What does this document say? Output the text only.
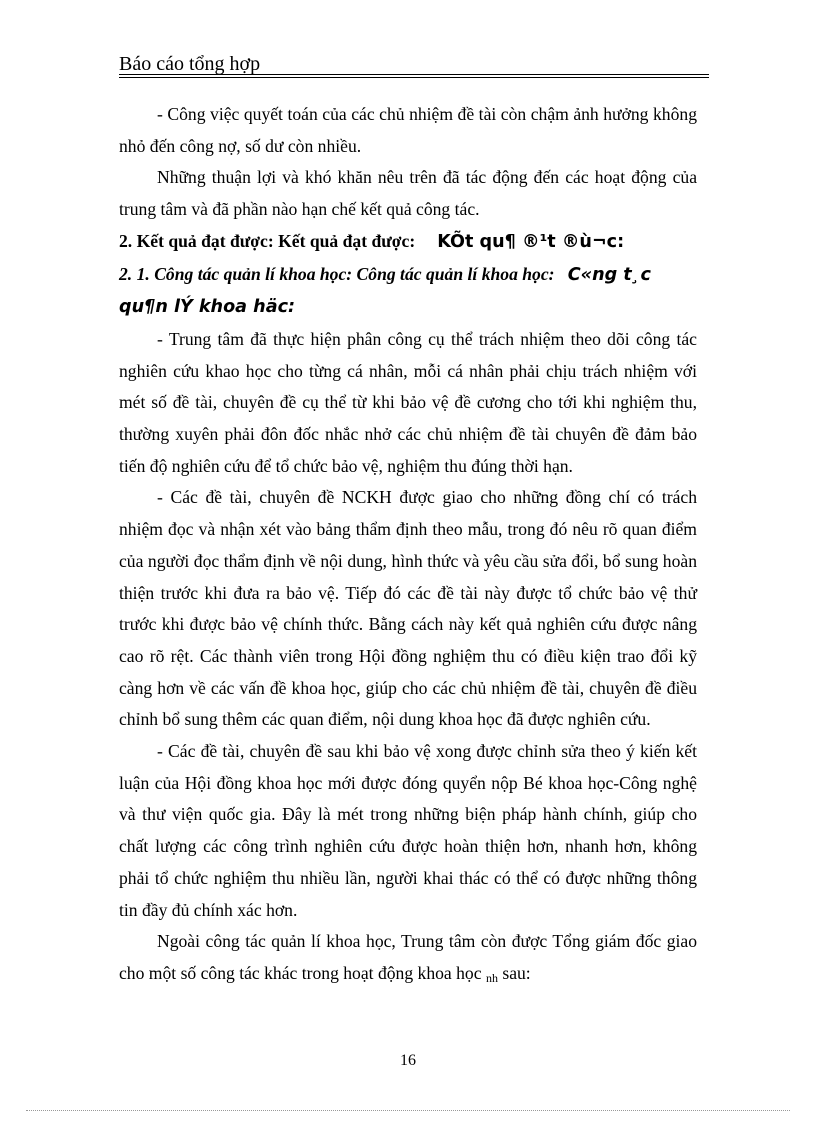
Báo cáo tổng hợp

- Công việc quyết toán của các chủ nhiệm đề tài còn chậm ảnh hưởng không nhỏ đến công nợ, số dư còn nhiều.

Những thuận lợi và khó khăn nêu trên đã tác động đến các hoạt động của trung tâm và đã phần nào hạn chế kết quả công tác.

2. Kết quả đạt được: Kết quả đạt được: KÕt qu¶ ®¹t ®ù¬c:

2. 1. Công tác quản lí khoa học: Công tác quản lí khoa học: C«ng t¸c
qu¶n lÝ khoa häc:

- Trung tâm đã thực hiện phân công cụ thể trách nhiệm theo dõi công tác nghiên cứu khao học cho từng cá nhân, mỗi cá nhân phải chịu trách nhiệm với mét số đề tài, chuyên đề cụ thể từ khi bảo vệ đề cương cho tới khi nghiệm thu, thường xuyên phải đôn đốc nhắc nhở các chủ nhiệm đề tài chuyên đề đảm bảo tiến độ nghiên cứu để tổ chức bảo vệ, nghiệm thu đúng thời hạn.

- Các đề tài, chuyên đề NCKH được giao cho những đồng chí có trách nhiệm đọc và nhận xét vào bảng thẩm định theo mẫu, trong đó nêu rõ quan điểm của người đọc thẩm định về nội dung, hình thức và yêu cầu sửa đổi, bổ sung hoàn thiện trước khi đưa ra bảo vệ. Tiếp đó các đề tài này được tổ chức bảo vệ thử trước khi được bảo vệ chính thức. Bằng cách này kết quả nghiên cứu được nâng cao rõ rệt. Các thành viên trong Hội đồng nghiệm thu có điều kiện trao đổi kỹ càng hơn về các vấn đề khoa học, giúp cho các chủ nhiệm đề tài, chuyên đề điều chỉnh bổ sung thêm các quan điểm, nội dung khoa học đã được nghiên cứu.

- Các đề tài, chuyên đề sau khi bảo vệ xong được chỉnh sửa theo ý kiến kết luận của Hội đồng khoa học mới được đóng quyển nộp Bé khoa học-Công nghệ và thư viện quốc gia. Đây là mét trong những biện pháp hành chính, giúp cho chất lượng các công trình nghiên cứu được hoàn thiện hơn, nhanh hơn, không phải tổ chức nghiệm thu nhiều lần, người khai thác có thể có được những thông tin đầy đủ chính xác hơn.

Ngoài công tác quản lí khoa học, Trung tâm còn được Tổng giám đốc giao cho một số công tác khác trong hoạt động khoa học $_{nh}$ sau:

16
